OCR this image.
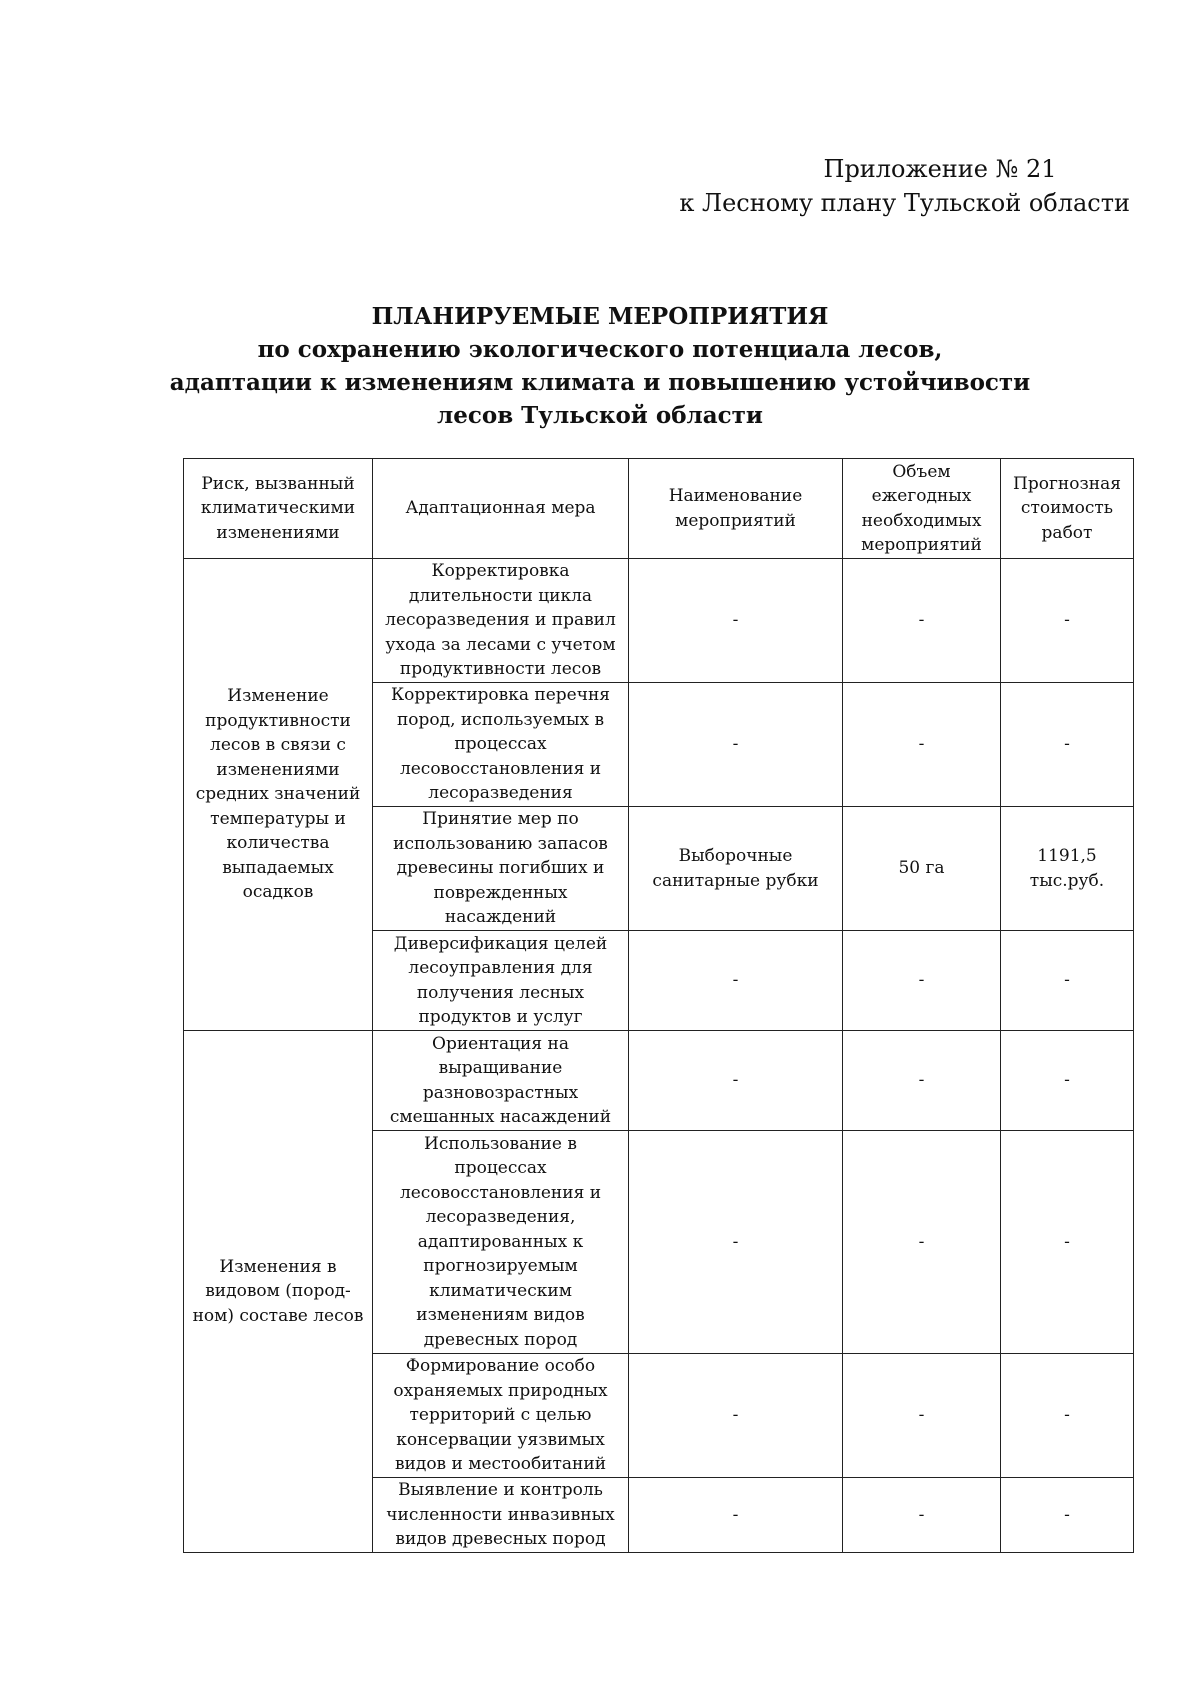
Приложение № 21
к Лесному плану Тульской области
ПЛАНИРУЕМЫЕ МЕРОПРИЯТИЯ
по сохранению экологического потенциала лесов,
адаптации к изменениям климата и повышению устойчивости
лесов Тульской области
Риск, вызванный климатическими изменениями	Адаптационная мера	Наименование мероприятий	Объем ежегодных необходимых мероприятий	Прогнозная стоимость работ
Изменение продуктивности лесов в связи с изменениями средних значений температуры и количества выпадаемых осадков	Корректировка длительности цикла лесоразведения и правил ухода за лесами с учетом продуктивности лесов	-	-	-
	Корректировка перечня пород, используемых в процессах лесовосстановления и лесоразведения	-	-	-
	Принятие мер по использованию запасов древесины погибших и поврежденных насаждений	Выборочные санитарные рубки	50 га	1191,5 тыс.руб.
	Диверсификация целей лесоуправления для получения лесных продуктов и услуг	-	-	-
Изменения в видовом (пород-ном) составе лесов	Ориентация на выращивание разновозрастных смешанных насаждений	-	-	-
	Использование в процессах лесовосстановления и лесоразведения, адаптированных к прогнозируемым климатическим изменениям видов древесных пород	-	-	-
	Формирование особо охраняемых природных территорий с целью консервации уязвимых видов и местообитаний	-	-	-
	Выявление и контроль численности инвазивных видов древесных пород	-	-	-
